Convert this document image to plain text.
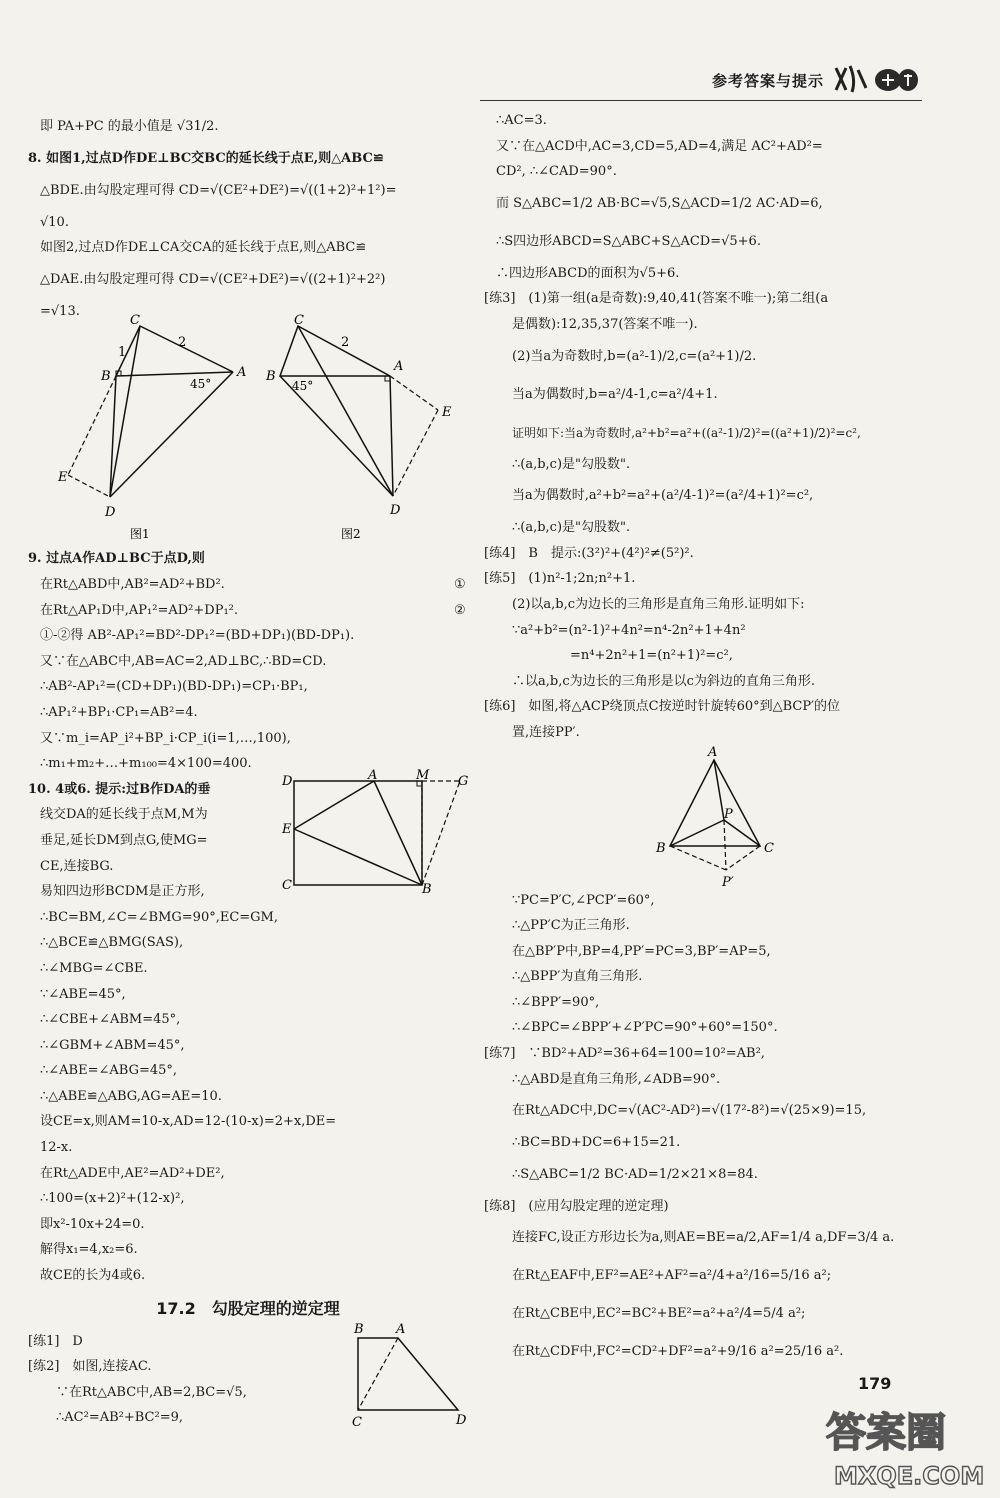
参考答案与提示
即 PA+PC 的最小值是 √31/2.
8. 如图1,过点D作DE⊥BC交BC的延长线于点E,则△ABC≌
△BDE.由勾股定理可得 CD=√(CE²+DE²)=√((1+2)²+1²)=
√10.
如图2,过点D作DE⊥CA交CA的延长线于点E,则△ABC≌
△DAE.由勾股定理可得 CD=√(CE²+DE²)=√((2+1)²+2²)
=√13.
C
B	A
D
E
1
2
45°
图1
C
B
A
D
E
2
45°
图2
9. 过点A作AD⊥BC于点D,则
在Rt△ABD中,AB²=AD²+BD².	①
在Rt△AP₁D中,AP₁²=AD²+DP₁².	②
①-②得 AB²-AP₁²=BD²-DP₁²=(BD+DP₁)(BD-DP₁).
又∵在△ABC中,AB=AC=2,AD⊥BC,∴BD=CD.
∴AB²-AP₁²=(CD+DP₁)(BD-DP₁)=CP₁·BP₁,
∴AP₁²+BP₁·CP₁=AB²=4.
又∵m_i=AP_i²+BP_i·CP_i(i=1,…,100),
∴m₁+m₂+…+m₁₀₀=4×100=400.
10. 4或6. 提示:过B作DA的垂
线交DA的延长线于点M,M为
垂足,延长DM到点G,使MG=
CE,连接BG.
易知四边形BCDM是正方形,
D	A	M G
E
C	B
∴BC=BM,∠C=∠BMG=90°,EC=GM,
∴△BCE≌△BMG(SAS),
∴∠MBG=∠CBE.
∵∠ABE=45°,
∴∠CBE+∠ABM=45°,
∴∠GBM+∠ABM=45°,
∴∠ABE=∠ABG=45°,
∴△ABE≌△ABG,AG=AE=10.
设CE=x,则AM=10-x,AD=12-(10-x)=2+x,DE=
12-x.
在Rt△ADE中,AE²=AD²+DE²,
∴100=(x+2)²+(12-x)²,
即x²-10x+24=0.
解得x₁=4,x₂=6.
故CE的长为4或6.
17.2　勾股定理的逆定理
[练1]　D
[练2]　如图,连接AC.
∵在Rt△ABC中,AB=2,BC=√5,
∴AC²=AB²+BC²=9,
B A
C	D
∴AC=3.
又∵在△ACD中,AC=3,CD=5,AD=4,满足 AC²+AD²=
CD², ∴∠CAD=90°.
而 S△ABC=1/2 AB·BC=√5,S△ACD=1/2 AC·AD=6,
∴S四边形ABCD=S△ABC+S△ACD=√5+6.
∴四边形ABCD的面积为√5+6.
[练3]　(1)第一组(a是奇数):9,40,41(答案不唯一);第二组(a
是偶数):12,35,37(答案不唯一).
(2)当a为奇数时,b=(a²-1)/2,c=(a²+1)/2.
当a为偶数时,b=a²/4-1,c=a²/4+1.
证明如下:当a为奇数时,a²+b²=a²+((a²-1)/2)²=((a²+1)/2)²=c²,
∴(a,b,c)是"勾股数".
当a为偶数时,a²+b²=a²+(a²/4-1)²=(a²/4+1)²=c²,
∴(a,b,c)是"勾股数".
[练4]　B　提示:(3²)²+(4²)²≠(5²)².
[练5]　(1)n²-1;2n;n²+1.
(2)以a,b,c为边长的三角形是直角三角形.证明如下:
∵a²+b²=(n²-1)²+4n²=n⁴-2n²+1+4n²
=n⁴+2n²+1=(n²+1)²=c²,
∴以a,b,c为边长的三角形是以c为斜边的直角三角形.
[练6]　如图,将△ACP绕顶点C按逆时针旋转60°到△BCP′的位
置,连接PP′.
A
P
B	C
P′
∵PC=P′C,∠PCP′=60°,
∴△PP′C为正三角形.
在△BP′P中,BP=4,PP′=PC=3,BP′=AP=5,
∴△BPP′为直角三角形.
∴∠BPP′=90°,
∴∠BPC=∠BPP′+∠P′PC=90°+60°=150°.
[练7]　∵BD²+AD²=36+64=100=10²=AB²,
∴△ABD是直角三角形,∠ADB=90°.
在Rt△ADC中,DC=√(AC²-AD²)=√(17²-8²)=√(25×9)=15,
∴BC=BD+DC=6+15=21.
∴S△ABC=1/2 BC·AD=1/2×21×8=84.
[练8]　(应用勾股定理的逆定理)
连接FC,设正方形边长为a,则AE=BE=a/2,AF=1/4 a,DF=3/4 a.
在Rt△EAF中,EF²=AE²+AF²=a²/4+a²/16=5/16 a²;
在Rt△CBE中,EC²=BC²+BE²=a²+a²/4=5/4 a²;
在Rt△CDF中,FC²=CD²+DF²=a²+9/16 a²=25/16 a².
179
答案圈
MXQE.COM
